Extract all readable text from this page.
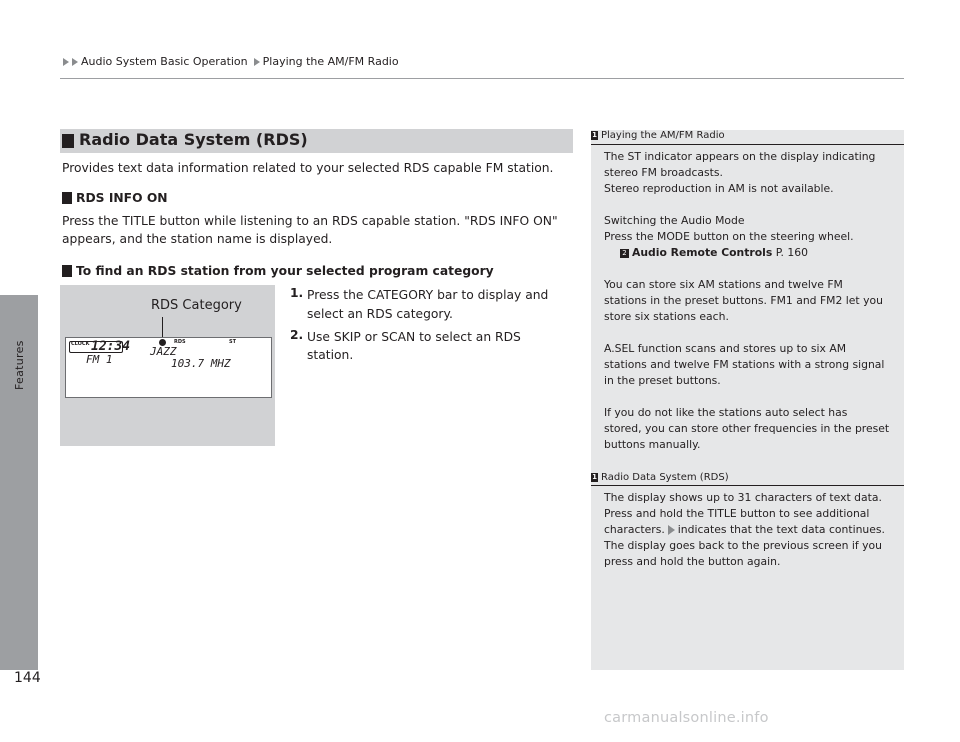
Features
144
Audio System Basic Operation Playing the AM/FM Radio
Radio Data System (RDS)
Provides text data information related to your selected RDS capable FM station.
RDS INFO ON
Press the TITLE button while listening to an RDS capable station. "RDS INFO ON"
appears, and the station name is displayed.
To find an RDS station from your selected program category
RDS Category
CLOCK 12:34	RDS	ST
JAZZ
FM 1	103.7 MHZ
1. Press the CATEGORY bar to display and
select an RDS category.
2. Use SKIP or SCAN to select an RDS
station.
1 Playing the AM/FM Radio
The ST indicator appears on the display indicating
stereo FM broadcasts.
Stereo reproduction in AM is not available.
Switching the Audio Mode
Press the MODE button on the steering wheel.
2 Audio Remote Controls P. 160
You can store six AM stations and twelve FM
stations in the preset buttons. FM1 and FM2 let you
store six stations each.
A.SEL function scans and stores up to six AM
stations and twelve FM stations with a strong signal
in the preset buttons.
If you do not like the stations auto select has
stored, you can store other frequencies in the preset
buttons manually.
1 Radio Data System (RDS)
The display shows up to 31 characters of text data.
Press and hold the TITLE button to see additional
characters. indicates that the text data continues.
The display goes back to the previous screen if you
press and hold the button again.
carmanualsonline.info
